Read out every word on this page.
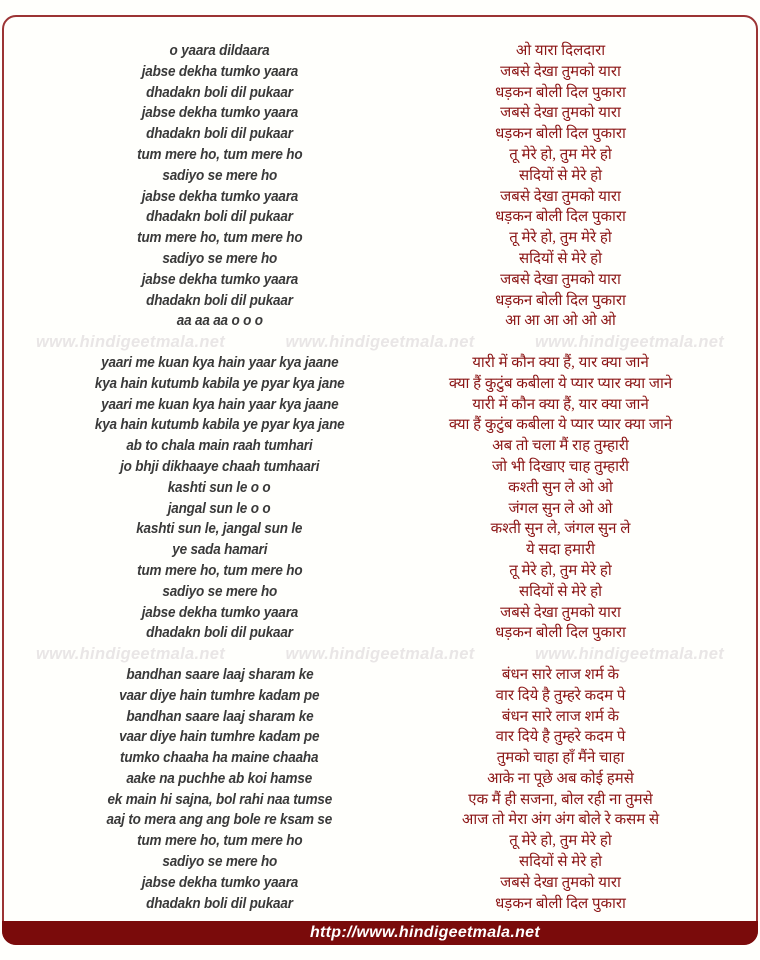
o yaara dildaara	ओ यारा दिलदारा
jabse dekha tumko yaara	जबसे देखा तुमको यारा
dhadakn boli dil pukaar	धड़कन बोली दिल पुकारा
jabse dekha tumko yaara	जबसे देखा तुमको यारा
dhadakn boli dil pukaar	धड़कन बोली दिल पुकारा
tum mere ho, tum mere ho	तू मेरे हो, तुम मेरे हो
sadiyo se mere ho	सदियों से मेरे हो
jabse dekha tumko yaara	जबसे देखा तुमको यारा
dhadakn boli dil pukaar	धड़कन बोली दिल पुकारा
tum mere ho, tum mere ho	तू मेरे हो, तुम मेरे हो
sadiyo se mere ho	सदियों से मेरे हो
jabse dekha tumko yaara	जबसे देखा तुमको यारा
dhadakn boli dil pukaar	धड़कन बोली दिल पुकारा
aa aa aa o o o	आ आ आ ओ ओ ओ
www.hindigeetmala.net	www.hindigeetmala.net	www.hindigeetmala.net
yaari me kuan kya hain yaar kya jaane	यारी में कौन क्या हैं, यार क्या जाने
kya hain kutumb kabila ye pyar kya jane	क्या हैं कुटुंब कबीला ये प्यार प्यार क्या जाने
yaari me kuan kya hain yaar kya jaane	यारी में कौन क्या हैं, यार क्या जाने
kya hain kutumb kabila ye pyar kya jane	क्या हैं कुटुंब कबीला ये प्यार प्यार क्या जाने
ab to chala main raah tumhari	अब तो चला मैं राह तुम्हारी
jo bhji dikhaaye chaah tumhaari	जो भी दिखाए चाह तुम्हारी
kashti sun le o o	कश्ती सुन ले ओ ओ
jangal sun le o o	जंगल सुन ले ओ ओ
kashti sun le, jangal sun le	कश्ती सुन ले, जंगल सुन ले
ye sada hamari	ये सदा हमारी
tum mere ho, tum mere ho	तू मेरे हो, तुम मेरे हो
sadiyo se mere ho	सदियों से मेरे हो
jabse dekha tumko yaara	जबसे देखा तुमको यारा
dhadakn boli dil pukaar	धड़कन बोली दिल पुकारा
www.hindigeetmala.net	www.hindigeetmala.net	www.hindigeetmala.net
bandhan saare laaj sharam ke	बंधन सारे लाज शर्म के
vaar diye hain tumhre kadam pe	वार दिये है तुम्हरे कदम पे
bandhan saare laaj sharam ke	बंधन सारे लाज शर्म के
vaar diye hain tumhre kadam pe	वार दिये है तुम्हरे कदम पे
tumko chaaha ha maine chaaha	तुमको चाहा हाँ मैंने चाहा
aake na puchhe ab koi hamse	आके ना पूछे अब कोई हमसे
ek main hi sajna, bol rahi naa tumse	एक मैं ही सजना, बोल रही ना तुमसे
aaj to mera ang ang bole re ksam se	आज तो मेरा अंग अंग बोले रे कसम से
tum mere ho, tum mere ho	तू मेरे हो, तुम मेरे हो
sadiyo se mere ho	सदियों से मेरे हो
jabse dekha tumko yaara	जबसे देखा तुमको यारा
dhadakn boli dil pukaar	धड़कन बोली दिल पुकारा
http://www.hindigeetmala.net
